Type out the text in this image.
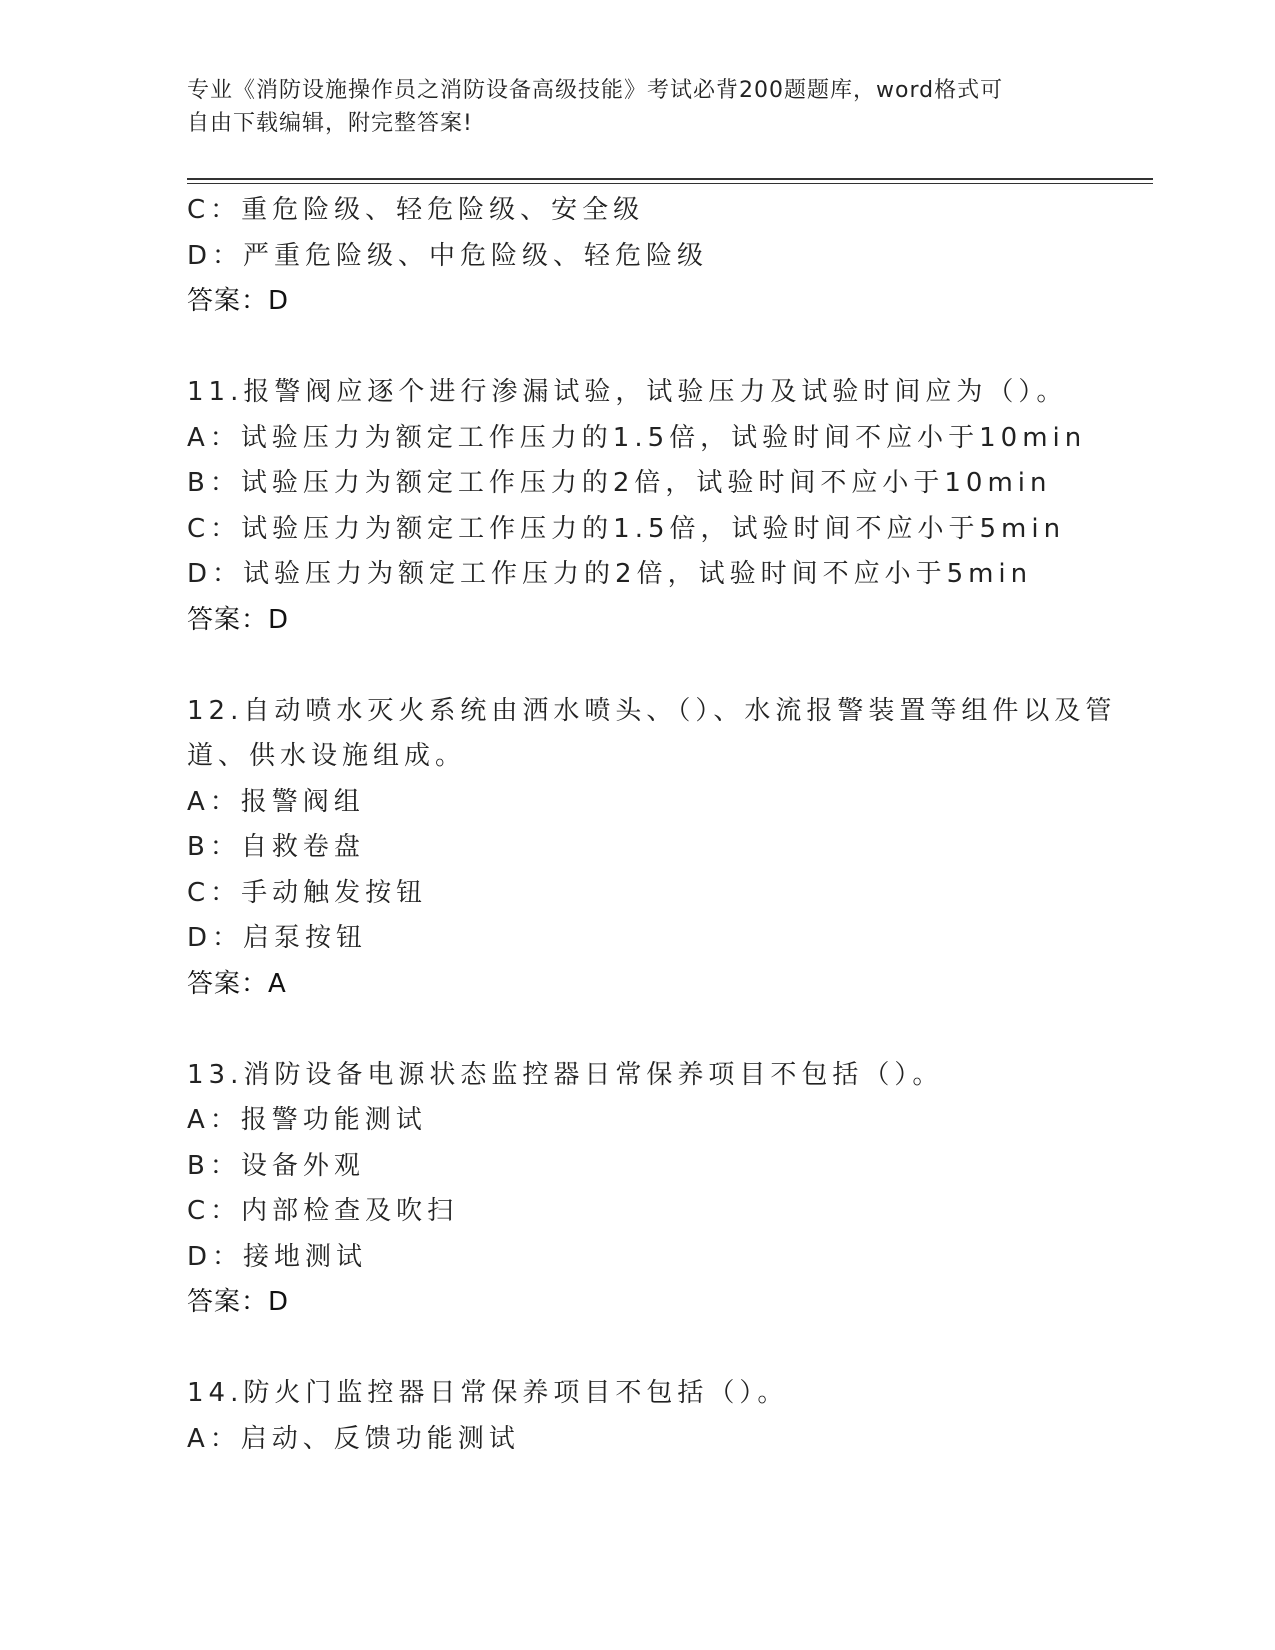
专业《消防设施操作员之消防设备高级技能》考试必背200题题库，word格式可
自由下载编辑，附完整答案!
C：重危险级、轻危险级、安全级
D：严重危险级、中危险级、轻危险级
答案：D
11.报警阀应逐个进行渗漏试验，试验压力及试验时间应为（）。
A：试验压力为额定工作压力的1.5倍，试验时间不应小于10min
B：试验压力为额定工作压力的2倍，试验时间不应小于10min
C：试验压力为额定工作压力的1.5倍，试验时间不应小于5min
D：试验压力为额定工作压力的2倍，试验时间不应小于5min
答案：D
12.自动喷水灭火系统由洒水喷头、（）、水流报警装置等组件以及管
道、供水设施组成。
A：报警阀组
B：自救卷盘
C：手动触发按钮
D：启泵按钮
答案：A
13.消防设备电源状态监控器日常保养项目不包括（）。
A：报警功能测试
B：设备外观
C：内部检查及吹扫
D：接地测试
答案：D
14.防火门监控器日常保养项目不包括（）。
A：启动、反馈功能测试
